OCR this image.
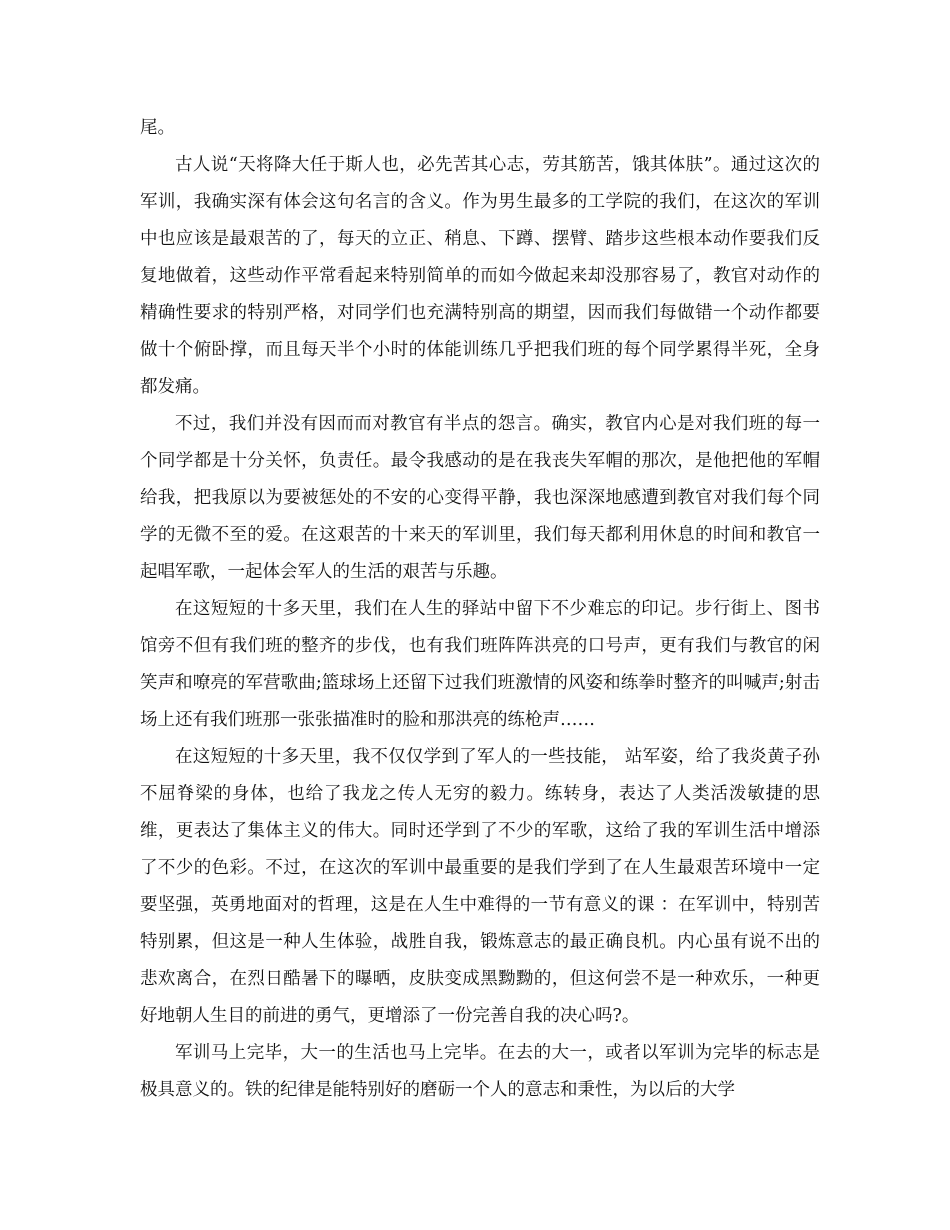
尾。

古人说“天将降大任于斯人也，必先苦其心志，劳其筋苦，饿其体肤”。通过这次的军训，我确实深有体会这句名言的含义。作为男生最多的工学院的我们，在这次的军训中也应该是最艰苦的了，每天的立正、稍息、下蹲、摆臂、踏步这些根本动作要我们反复地做着，这些动作平常看起来特别简单的而如今做起来却没那容易了，教官对动作的精确性要求的特别严格，对同学们也充满特别高的期望，因而我们每做错一个动作都要做十个俯卧撑，而且每天半个小时的体能训练几乎把我们班的每个同学累得半死，全身都发痛。

不过，我们并没有因而而对教官有半点的怨言。确实，教官内心是对我们班的每一个同学都是十分关怀，负责任。最令我感动的是在我丧失军帽的那次，是他把他的军帽给我，把我原以为要被惩处的不安的心变得平静，我也深深地感遭到教官对我们每个同学的无微不至的爱。在这艰苦的十来天的军训里，我们每天都利用休息的时间和教官一起唱军歌，一起体会军人的生活的艰苦与乐趣。

在这短短的十多天里，我们在人生的驿站中留下不少难忘的印记。步行街上、图书馆旁不但有我们班的整齐的步伐，也有我们班阵阵洪亮的口号声，更有我们与教官的闲笑声和嘹亮的军营歌曲;篮球场上还留下过我们班激情的风姿和练拳时整齐的叫喊声;射击场上还有我们班那一张张描准时的脸和那洪亮的练枪声……

在这短短的十多天里，我不仅仅学到了军人的一些技能， 站军姿，给了我炎黄子孙不屈脊梁的身体，也给了我龙之传人无穷的毅力。练转身，表达了人类活泼敏捷的思维，更表达了集体主义的伟大。同时还学到了不少的军歌，这给了我的军训生活中增添了不少的色彩。不过，在这次的军训中最重要的是我们学到了在人生最艰苦环境中一定要坚强，英勇地面对的哲理，这是在人生中难得的一节有意义的课 ：在军训中，特别苦特别累，但这是一种人生体验，战胜自我，锻炼意志的最正确良机。内心虽有说不出的悲欢离合，在烈日酷暑下的曝晒，皮肤变成黑黝黝的，但这何尝不是一种欢乐，一种更好地朝人生目的前进的勇气，更增添了一份完善自我的决心吗?。

军训马上完毕，大一的生活也马上完毕。在去的大一，或者以军训为完毕的标志是极具意义的。铁的纪律是能特别好的磨砺一个人的意志和秉性，为以后的大学
